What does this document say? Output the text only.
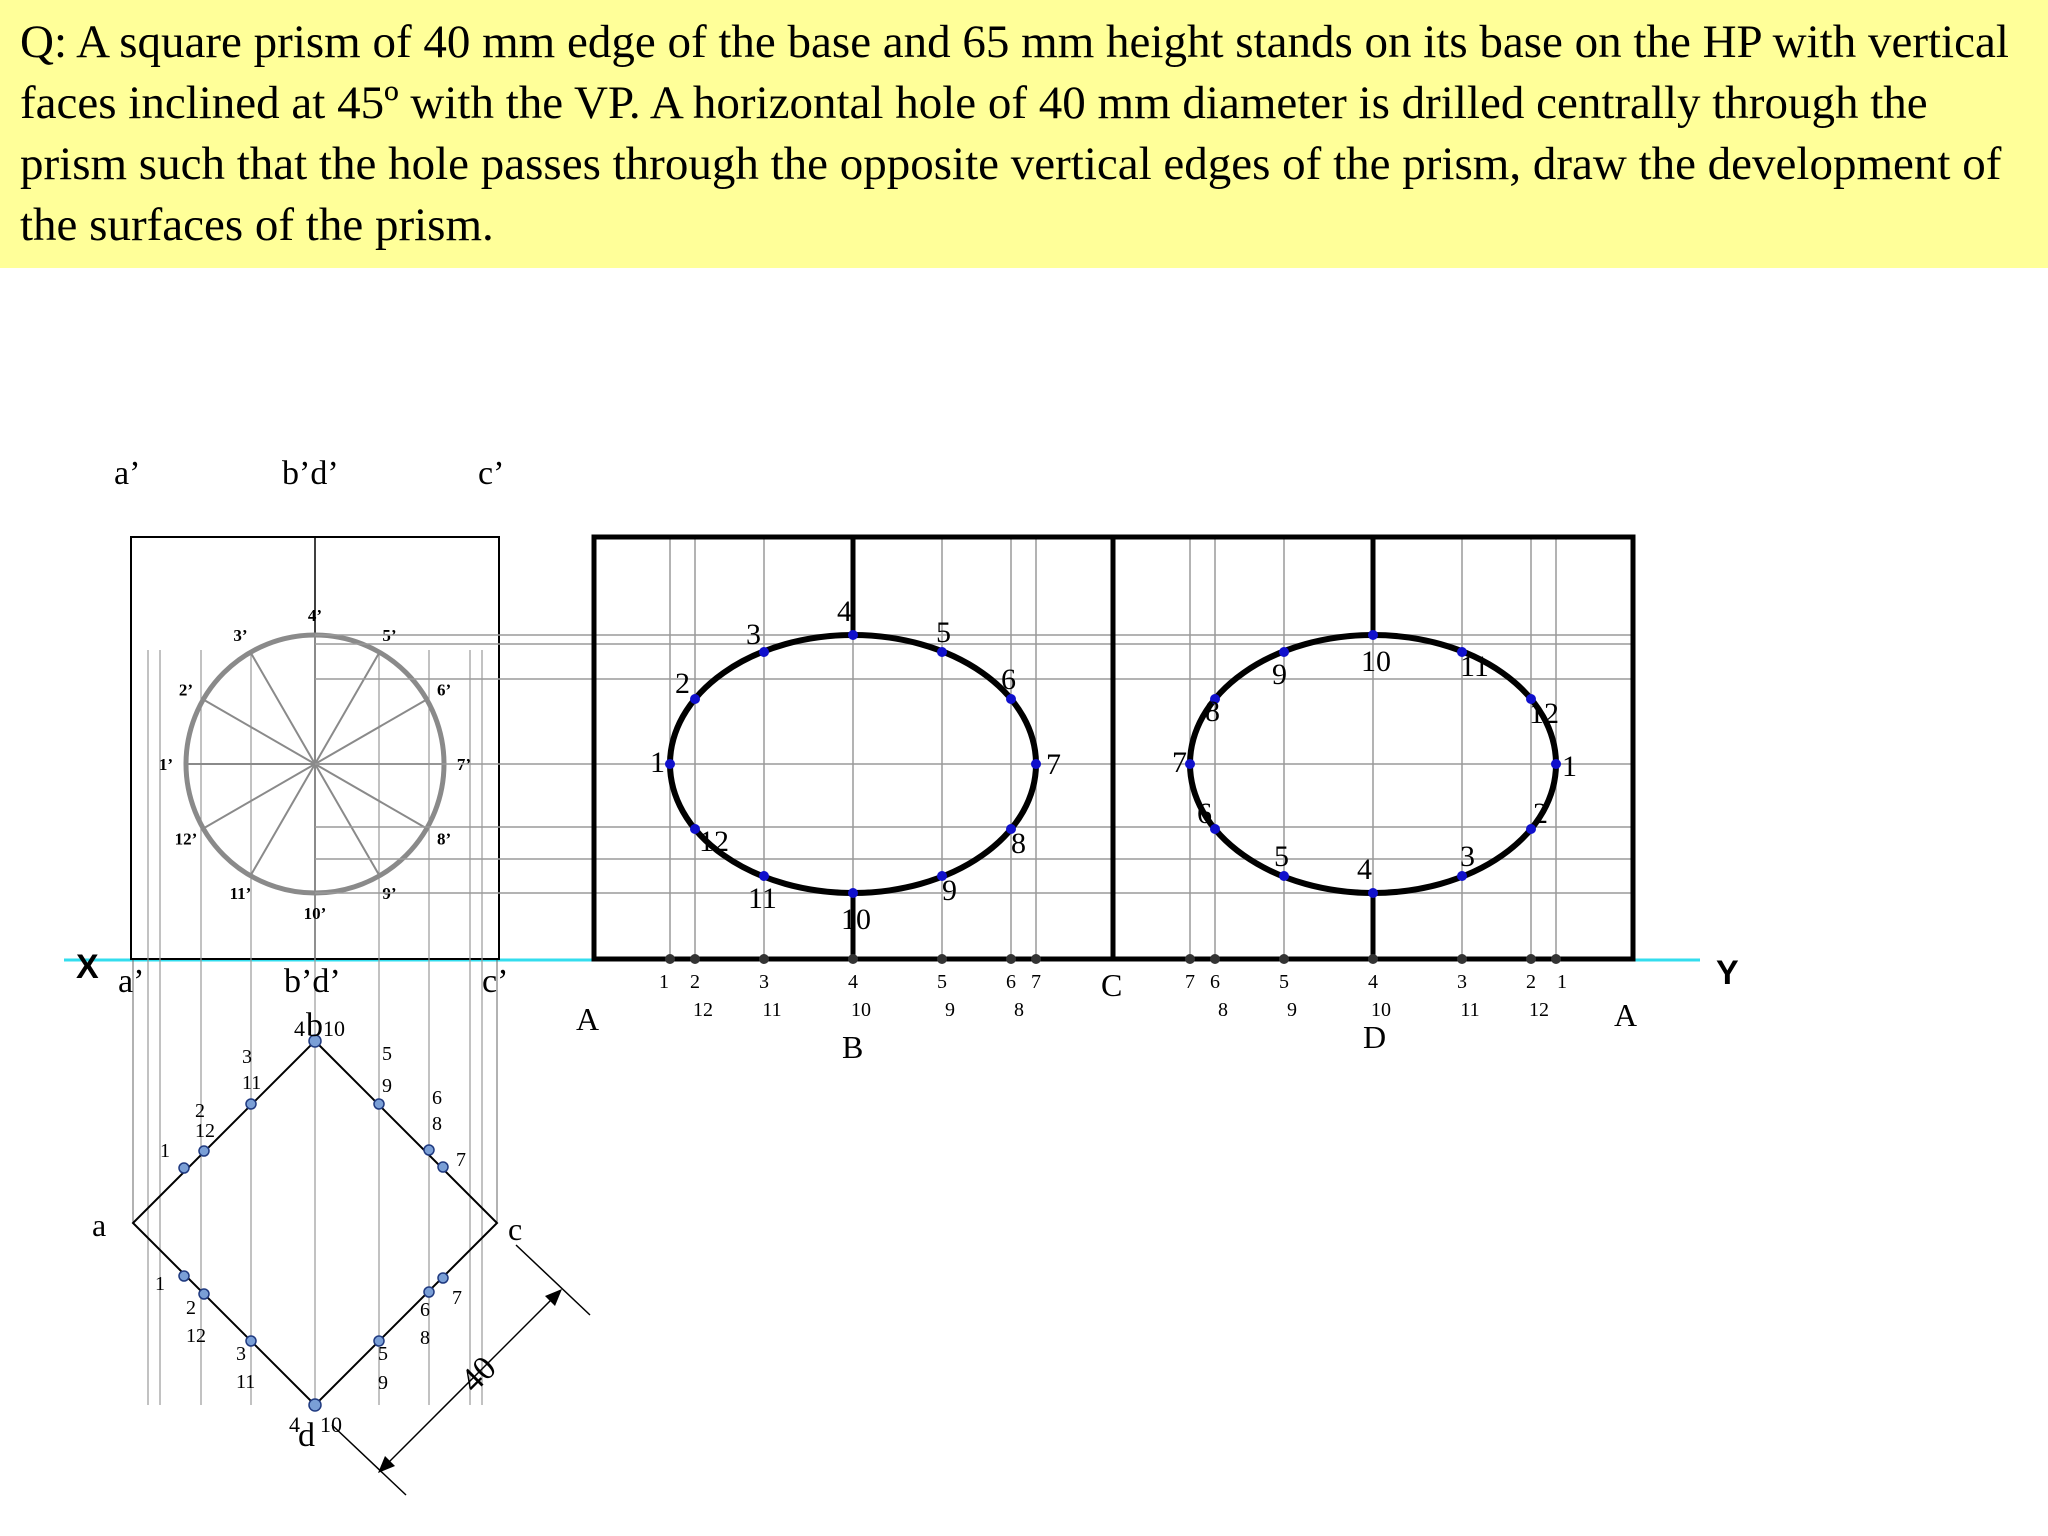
Q: A square prism of 40 mm edge of the base and 65 mm height stands on its base on the HP with vertical faces inclined at 45º with the VP. A horizontal hole of 40 mm diameter is drilled centrally through the prism such that the hole passes through the opposite vertical edges of the prism, draw the development of the surfaces of the prism.

X	Y
a’	b’d’	c’
a’	b’d’	c’
1’
2’
3’
4’
5’
6’
7’
8’
9’
10’
11’
12’
a	c
4 b 10
4
d 10
1
2
12
3
11
5
9
6
8
7
1
2
12
3
11
5
9
6
8
7
40
1
2
3
4
5
6
7
8
9
10
11
12
7
6
5 4	3
2
1
12
11
10
9
8
1 2	3	4	5	6 7
12 11	10	9	8
7 6	5	4	3	2 1
8	9	10	11 12
A
B
C
D
A
